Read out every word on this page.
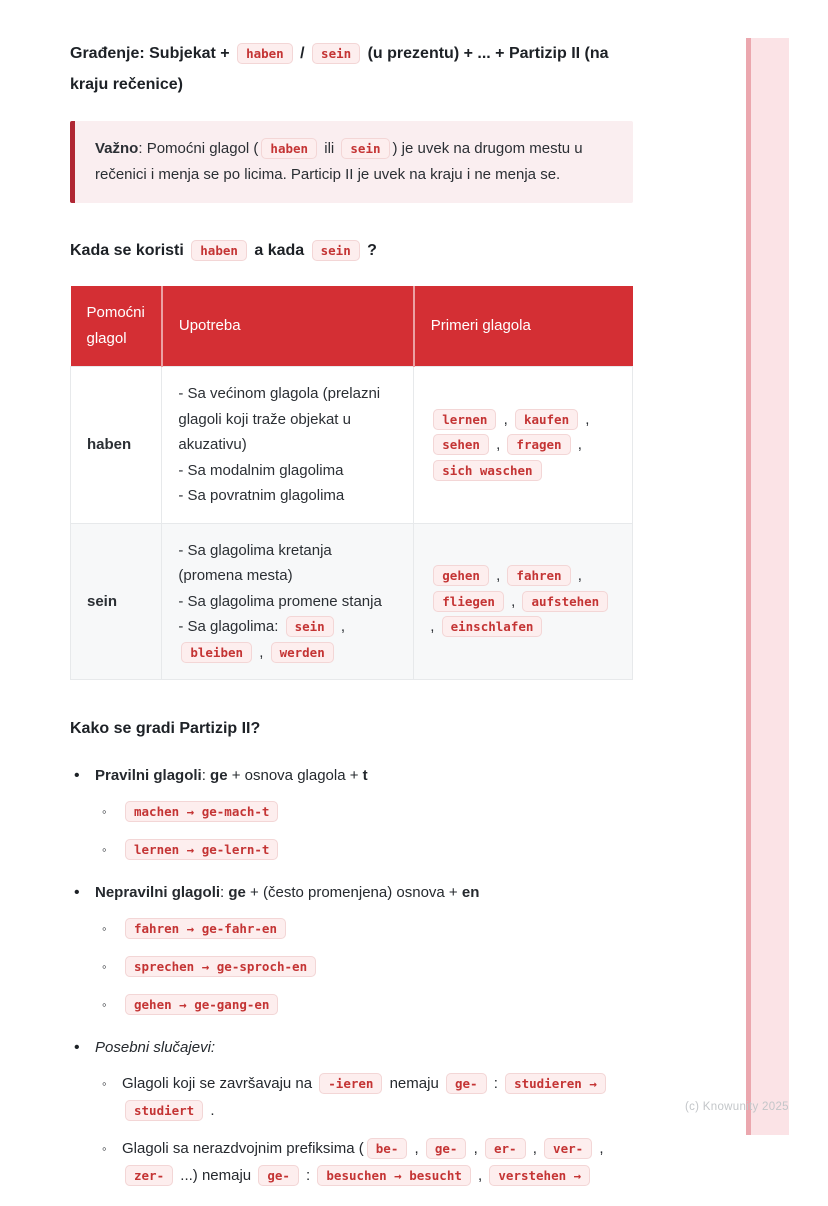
Građenje: Subjekat + haben / sein (u prezentu) + ... + Partizip II (na kraju rečenice)
Važno: Pomoćni glagol ( haben ili sein ) je uvek na drugom mestu u rečenici i menja se po licima. Particip II je uvek na kraju i ne menja se.
Kada se koristi haben a kada sein ?
Pomoćni glagol	Upotreba	Primeri glagola
haben	- Sa većinom glagola (prelazni glagoli koji traže objekat u akuzativu)
- Sa modalnim glagolima
- Sa povratnim glagolima	lernen , kaufen , sehen , fragen , sich waschen

sein	- Sa glagolima kretanja (promena mesta)
- Sa glagolima promene stanja
- Sa glagolima: sein , bleiben , werden	gehen , fahren , fliegen , aufstehen , einschlafen
Kako se gradi Partizip II?
• Pravilni glagoli: ge + osnova glagola + t
◦ machen → ge-mach-t
◦ lernen → ge-lern-t
• Nepravilni glagoli: ge + (često promenjena) osnova + en
◦ fahren → ge-fahr-en
◦ sprechen → ge-sproch-en
◦ gehen → ge-gang-en
• Posebni slučajevi:
◦ Glagoli koji se završavaju na -ieren nemaju ge- : studieren → studiert .
◦ Glagoli sa nerazdvojnim prefiksima ( be- , ge- , er- , ver- , zer- ...) nemaju ge- : besuchen → besucht , verstehen →
(c) Knowunity 2025
